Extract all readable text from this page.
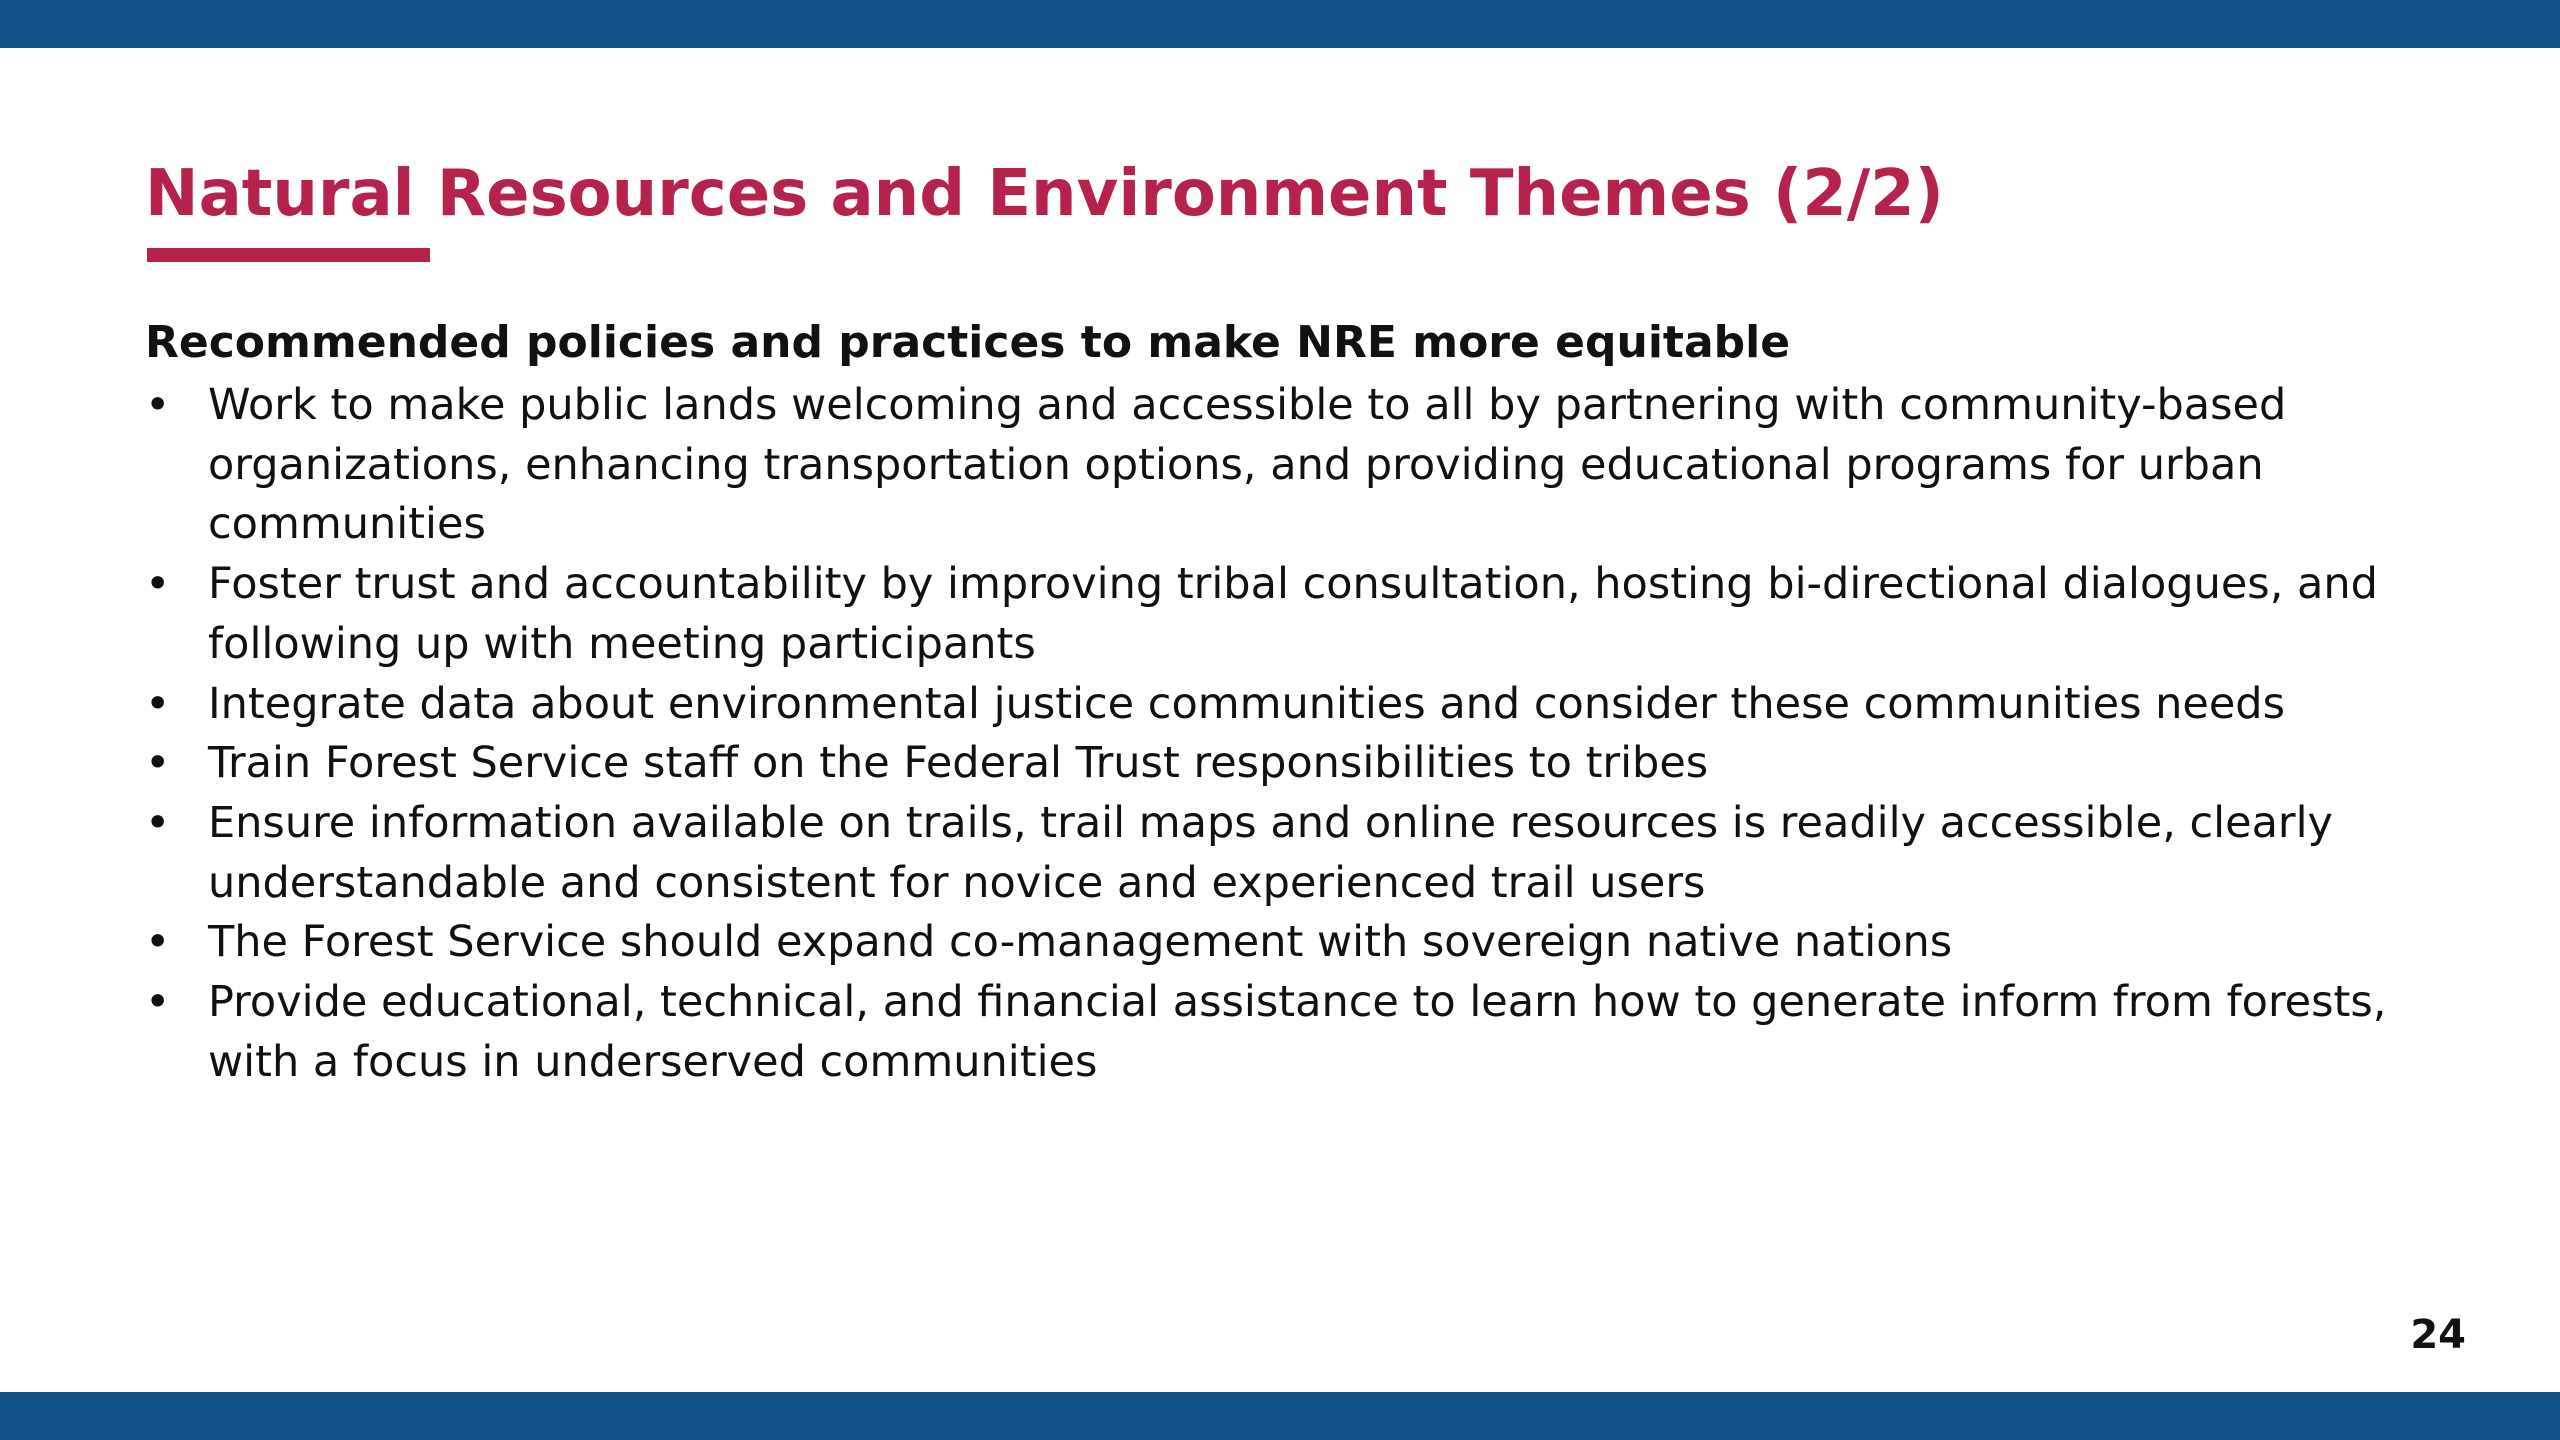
Natural Resources and Environment Themes (2/2)
Recommended policies and practices to make NRE more equitable
• Work to make public lands welcoming and accessible to all by partnering with community-based organizations, enhancing transportation options, and providing educational programs for urban communities
• Foster trust and accountability by improving tribal consultation, hosting bi-directional dialogues, and following up with meeting participants
• Integrate data about environmental justice communities and consider these communities needs
• Train Forest Service staff on the Federal Trust responsibilities to tribes
• Ensure information available on trails, trail maps and online resources is readily accessible, clearly understandable and consistent for novice and experienced trail users
• The Forest Service should expand co-management with sovereign native nations
• Provide educational, technical, and financial assistance to learn how to generate inform from forests, with a focus in underserved communities
24
